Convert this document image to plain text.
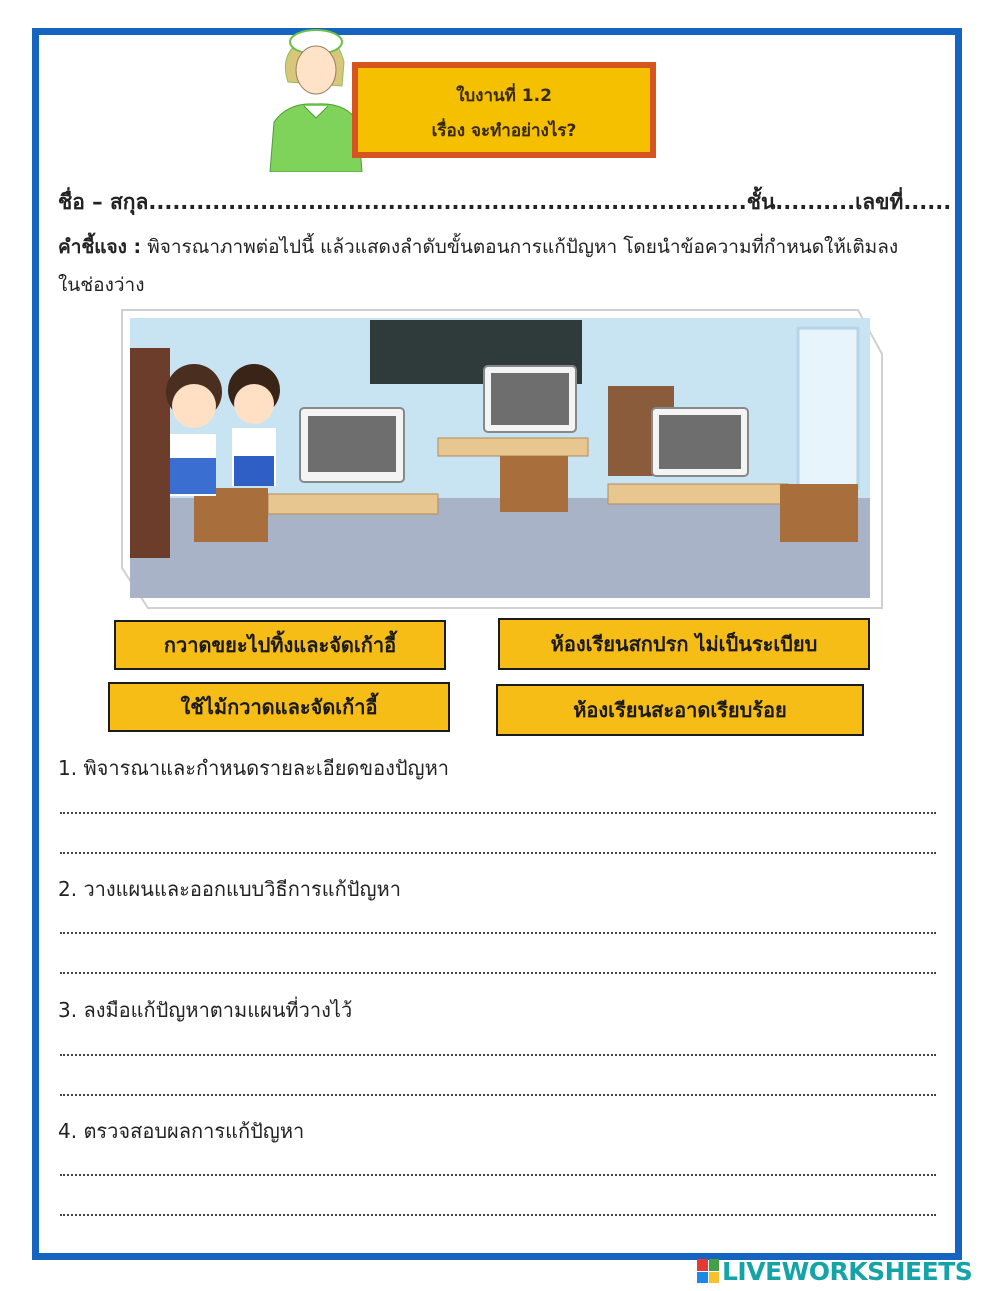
ใบงานที่ 1.2
เรื่อง จะทำอย่างไร?
ชื่อ – สกุล...........................................................................ชั้น..........เลขที่......
คำชี้แจง : พิจารณาภาพต่อไปนี้ แล้วแสดงลำดับขั้นตอนการแก้ปัญหา โดยนำข้อความที่กำหนดให้เติมลงในช่องว่าง
กวาดขยะไปทิ้งและจัดเก้าอี้	ห้องเรียนสกปรก ไม่เป็นระเบียบ
ใช้ไม้กวาดและจัดเก้าอี้	ห้องเรียนสะอาดเรียบร้อย
1. พิจารณาและกำหนดรายละเอียดของปัญหา
2. วางแผนและออกแบบวิธีการแก้ปัญหา
3. ลงมือแก้ปัญหาตามแผนที่วางไว้
4. ตรวจสอบผลการแก้ปัญหา
LIVEWORKSHEETS
